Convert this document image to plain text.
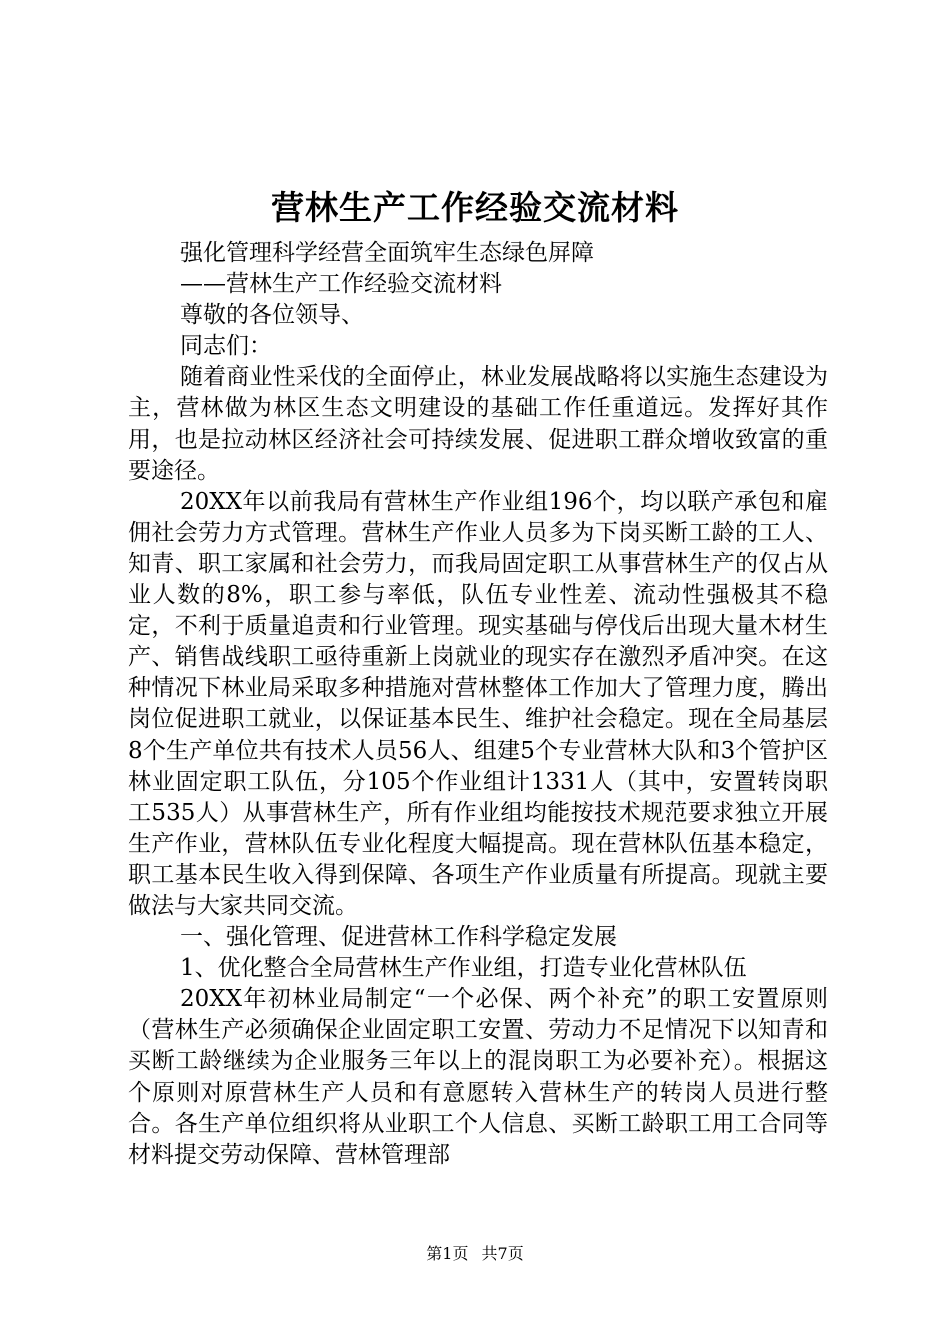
营林生产工作经验交流材料
强化管理科学经营全面筑牢生态绿色屏障
——营林生产工作经验交流材料
尊敬的各位领导、
同志们：

随着商业性采伐的全面停止，林业发展战略将以实施生态建设为主，营林做为林区生态文明建设的基础工作任重道远。发挥好其作用，也是拉动林区经济社会可持续发展、促进职工群众增收致富的重要途径。

20XX年以前我局有营林生产作业组196个，均以联产承包和雇佣社会劳力方式管理。营林生产作业人员多为下岗买断工龄的工人、知青、职工家属和社会劳力，而我局固定职工从事营林生产的仅占从业人数的8%，职工参与率低，队伍专业性差、流动性强极其不稳定，不利于质量追责和行业管理。现实基础与停伐后出现大量木材生产、销售战线职工亟待重新上岗就业的现实存在激烈矛盾冲突。在这种情况下林业局采取多种措施对营林整体工作加大了管理力度，腾出岗位促进职工就业，以保证基本民生、维护社会稳定。现在全局基层8个生产单位共有技术人员56人、组建5个专业营林大队和3个管护区林业固定职工队伍，分105个作业组计1331人（其中，安置转岗职工535人）从事营林生产，所有作业组均能按技术规范要求独立开展生产作业，营林队伍专业化程度大幅提高。现在营林队伍基本稳定，职工基本民生收入得到保障、各项生产作业质量有所提高。现就主要做法与大家共同交流。

一、强化管理、促进营林工作科学稳定发展
1、优化整合全局营林生产作业组，打造专业化营林队伍

20XX年初林业局制定“一个必保、两个补充”的职工安置原则（营林生产必须确保企业固定职工安置、劳动力不足情况下以知青和买断工龄继续为企业服务三年以上的混岗职工为必要补充）。根据这个原则对原营林生产人员和有意愿转入营林生产的转岗人员进行整合。各生产单位组织将从业职工个人信息、买断工龄职工用工合同等材料提交劳动保障、营林管理部

第1页 共7页
